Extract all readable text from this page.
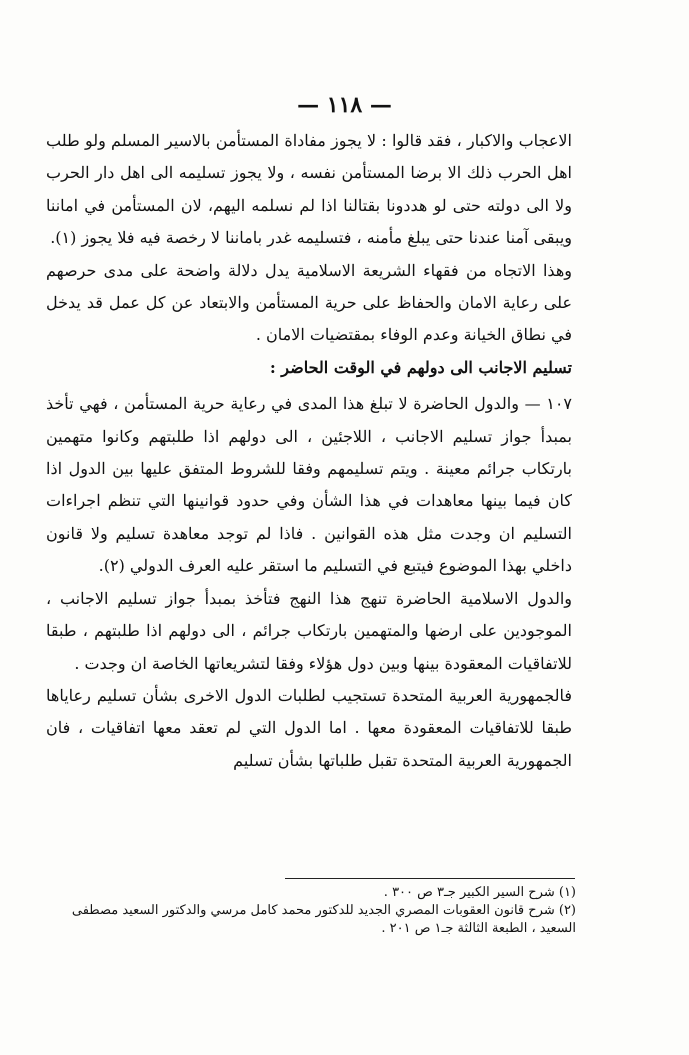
— ١١٨ —

الاعجاب والاكبار ، فقد قالوا : لا يجوز مفاداة المستأمن بالاسير المسلم ولو طلب اهل الحرب ذلك الا برضا المستأمن نفسه ، ولا يجوز تسليمه الى اهل دار الحرب ولا الى دولته حتى لو هددونا بقتالنا اذا لم نسلمه اليهم، لان المستأمن في اماننا ويبقى آمنا عندنا حتى يبلغ مأمنه ، فتسليمه غدر باماننا لا رخصة فيه فلا يجوز (١).

وهذا الاتجاه من فقهاء الشريعة الاسلامية يدل دلالة واضحة على مدى حرصهم على رعاية الامان والحفاظ على حرية المستأمن والابتعاد عن كل عمل قد يدخل في نطاق الخيانة وعدم الوفاء بمقتضيات الامان .

تسليم الاجانب الى دولهم في الوقت الحاضر :

١٠٧ — والدول الحاضرة لا تبلغ هذا المدى في رعاية حرية المستأمن ، فهي تأخذ بمبدأ جواز تسليم الاجانب ، اللاجئين ، الى دولهم اذا طلبتهم وكانوا متهمين بارتكاب جرائم معينة . ويتم تسليمهم وفقا للشروط المتفق عليها بين الدول اذا كان فيما بينها معاهدات في هذا الشأن وفي حدود قوانينها التي تنظم اجراءات التسليم ان وجدت مثل هذه القوانين . فاذا لم توجد معاهدة تسليم ولا قانون داخلي بهذا الموضوع فيتبع في التسليم ما استقر عليه العرف الدولي (٢).

والدول الاسلامية الحاضرة تنهج هذا النهج فتأخذ بمبدأ جواز تسليم الاجانب ، الموجودين على ارضها والمتهمين بارتكاب جرائم ، الى دولهم اذا طلبتهم ، طبقا للاتفاقيات المعقودة بينها وبين دول هؤلاء وفقا لتشريعاتها الخاصة ان وجدت .

فالجمهورية العربية المتحدة تستجيب لطلبات الدول الاخرى بشأن تسليم رعاياها طبقا للاتفاقيات المعقودة معها . اما الدول التي لم تعقد معها اتفاقيات ، فان الجمهورية العربية المتحدة تقبل طلباتها بشأن تسليم

(١) شرح السير الكبير جـ٣ ص ٣٠٠ .

(٢) شرح قانون العقوبات المصري الجديد للدكتور محمد كامل مرسي والدكتور السعيد مصطفى السعيد ، الطبعة الثالثة جـ١ ص ٢٠١ .
